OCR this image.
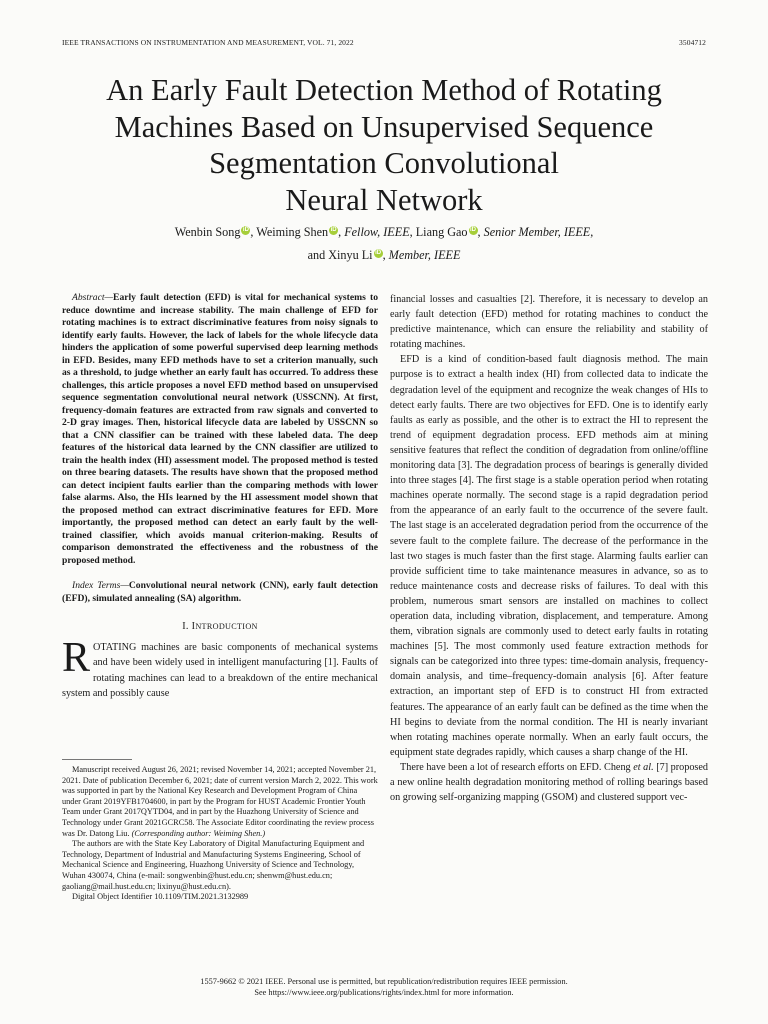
IEEE TRANSACTIONS ON INSTRUMENTATION AND MEASUREMENT, VOL. 71, 2022	3504712
An Early Fault Detection Method of Rotating
Machines Based on Unsupervised Sequence
Segmentation Convolutional
Neural Network
Wenbin Song iD , Weiming Shen iD , Fellow, IEEE, Liang Gao iD , Senior Member, IEEE,
and Xinyu Li iD , Member, IEEE

Abstract—Early fault detection (EFD) is vital for mechanical systems to reduce downtime and increase stability. The main challenge of EFD for rotating machines is to extract discriminative features from noisy signals to identify early faults. However, the lack of labels for the whole lifecycle data hinders the application of some powerful supervised deep learning methods in EFD. Besides, many EFD methods have to set a criterion manually, such as a threshold, to judge whether an early fault has occurred. To address these challenges, this article proposes a novel EFD method based on unsupervised sequence segmentation convolutional neural network (USSCNN). At first, frequency-domain features are extracted from raw signals and converted to 2-D gray images. Then, historical lifecycle data are labeled by USSCNN so that a CNN classifier can be trained with these labeled data. The deep features of the historical data learned by the CNN classifier are utilized to train the health index (HI) assessment model. The proposed method is tested on three bearing datasets. The results have shown that the proposed method can detect incipient faults earlier than the comparing methods with lower false alarms. Also, the HIs learned by the HI assessment model shown that the proposed method can extract discriminative features for EFD. More importantly, the proposed method can detect an early fault by the well-trained classifier, which avoids manual criterion-making. Results of comparison demonstrated the effectiveness and the robustness of the proposed method.

Index Terms—Convolutional neural network (CNN), early fault detection (EFD), simulated annealing (SA) algorithm.

I. INTRODUCTION

ROTATING machines are basic components of mechanical systems and have been widely used in intelligent manufacturing [1]. Faults of rotating machines can lead to a breakdown of the entire mechanical system and possibly cause

Manuscript received August 26, 2021; revised November 14, 2021; accepted November 21, 2021. Date of publication December 6, 2021; date of current version March 2, 2022. This work was supported in part by the National Key Research and Development Program of China under Grant 2019YFB1704600, in part by the Program for HUST Academic Frontier Youth Team under Grant 2017QYTD04, and in part by the Huazhong University of Science and Technology under Grant 2021GCRC58. The Associate Editor coordinating the review process was Dr. Datong Liu. (Corresponding author: Weiming Shen.)

The authors are with the State Key Laboratory of Digital Manufacturing Equipment and Technology, Department of Industrial and Manufacturing Systems Engineering, School of Mechanical Science and Engineering, Huazhong University of Science and Technology, Wuhan 430074, China (e-mail: songwenbin@hust.edu.cn; shenwm@hust.edu.cn; gaoliang@mail.hust.edu.cn; lixinyu@hust.edu.cn).

Digital Object Identifier 10.1109/TIM.2021.3132989

financial losses and casualties [2]. Therefore, it is necessary to develop an early fault detection (EFD) method for rotating machines to conduct the predictive maintenance, which can ensure the reliability and stability of rotating machines.

EFD is a kind of condition-based fault diagnosis method. The main purpose is to extract a health index (HI) from collected data to indicate the degradation level of the equipment and recognize the weak changes of HIs to detect early faults. There are two objectives for EFD. One is to identify early faults as early as possible, and the other is to extract the HI to represent the trend of equipment degradation process. EFD methods aim at mining sensitive features that reflect the condition of degradation from online/offline monitoring data [3]. The degradation process of bearings is generally divided into three stages [4]. The first stage is a stable operation period when rotating machines operate normally. The second stage is a rapid degradation period from the appearance of an early fault to the occurrence of the severe fault. The last stage is an accelerated degradation period from the occurrence of the severe fault to the complete failure. The decrease of the performance in the last two stages is much faster than the first stage. Alarming faults earlier can provide sufficient time to take maintenance measures in advance, so as to reduce maintenance costs and decrease risks of failures. To deal with this problem, numerous smart sensors are installed on machines to collect operation data, including vibration, displacement, and temperature. Among them, vibration signals are commonly used to detect early faults in rotating machines [5]. The most commonly used feature extraction methods for signals can be categorized into three types: time-domain analysis, frequency-domain analysis, and time–frequency-domain analysis [6]. After feature extraction, an important step of EFD is to construct HI from extracted features. The appearance of an early fault can be defined as the time when the HI begins to deviate from the normal condition. The HI is nearly invariant when rotating machines operate normally. When an early fault occurs, the equipment state degrades rapidly, which causes a sharp change of the HI.

There have been a lot of research efforts on EFD. Cheng et al. [7] proposed a new online health degradation monitoring method of rolling bearings based on growing self-organizing mapping (GSOM) and clustered support vec-

1557-9662 © 2021 IEEE. Personal use is permitted, but republication/redistribution requires IEEE permission.
See https://www.ieee.org/publications/rights/index.html for more information.
